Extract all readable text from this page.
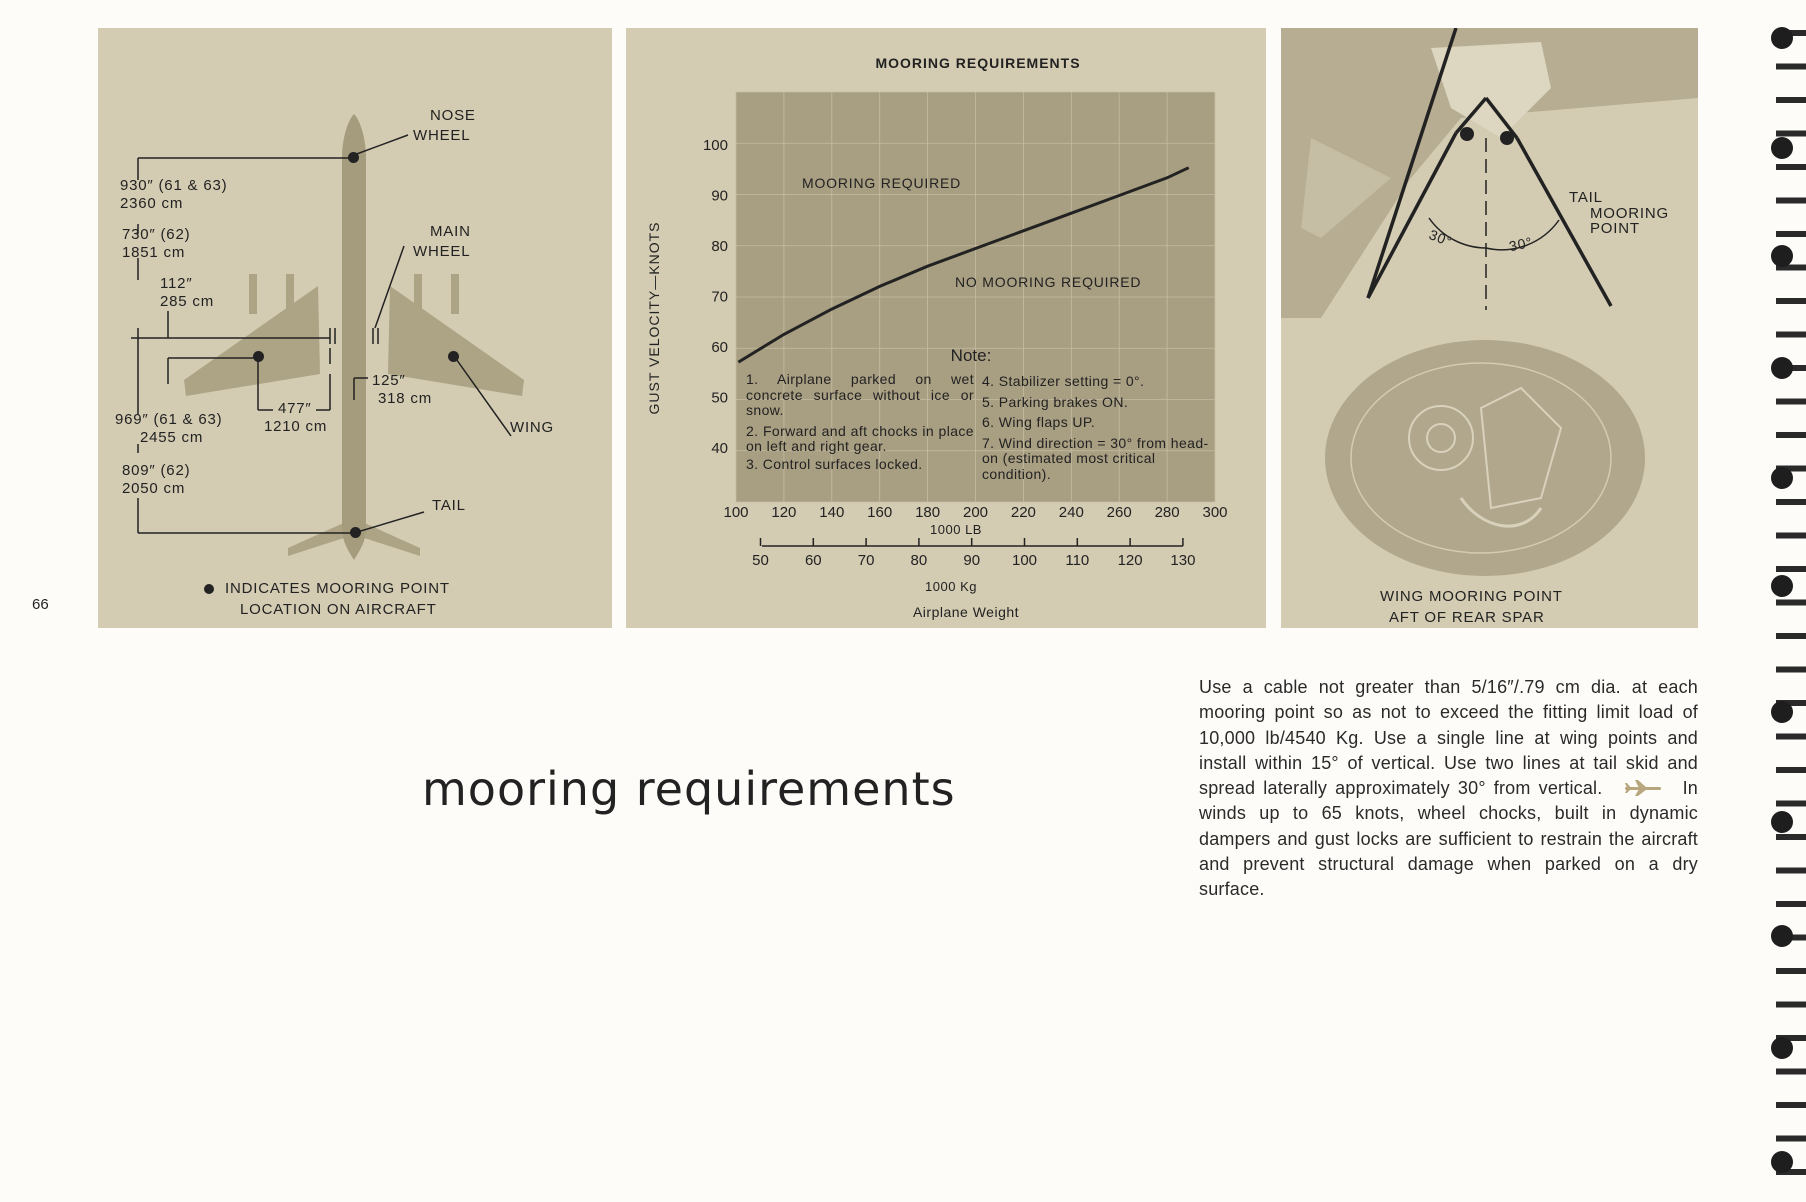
66
NOSE
WHEEL
MAIN
WHEEL
WING
TAIL
930″ (61 & 63)
2360 cm
730″ (62)
1851 cm
112″
285 cm
969″ (61 & 63)
2455 cm
809″ (62)
2050 cm
477″
1210 cm
125″
318 cm
INDICATES MOORING POINT
LOCATION ON AIRCRAFT
MOORING REQUIREMENTS
100
90
80
70
60
50
40
100 120 140 160 180 200 220 240 260 280 300
50 60 70 80 90 100 110 120 130
GUST VELOCITY—KNOTS
MOORING REQUIRED
NO MOORING REQUIRED
Note:
1000 LB
1000 Kg
Airplane Weight
1. Airplane parked on wet concrete surface without ice or snow.
2. Forward and aft chocks in place on left and right gear.
3. Control surfaces locked.
4. Stabilizer setting = 0°.
5. Parking brakes ON.
6. Wing flaps UP.
7. Wind direction = 30° from head-on (estimated most critical condition).
TAIL
MOORING
POINT
30°	30°
WING MOORING POINT
AFT OF REAR SPAR
mooring requirements

Use a cable not greater than 5/16″/.79 cm dia. at each mooring point so as not to exceed the fitting limit load of 10,000 lb/4540 Kg. Use a single line at wing points and install within 15° of vertical. Use two lines at tail skid and spread laterally approximately 30° from vertical.	In winds up to 65 knots, wheel chocks, built in dynamic dampers and gust locks are sufficient to restrain the aircraft and prevent structural damage when parked on a dry surface.
